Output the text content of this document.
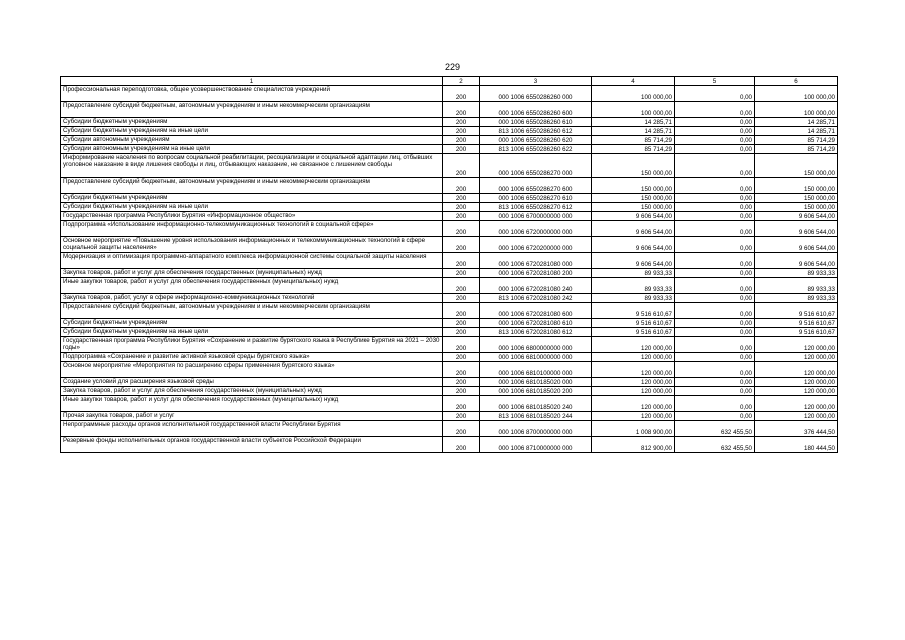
229
1	2	3	4	5	6
Профессиональная переподготовка, общее усовершенствование специалистов учреждений	200	000 1006 6550286260 000	100 000,00	0,00	100 000,00
Предоставление субсидий бюджетным, автономным учреждениям и иным некоммерческим организациям	200	000 1006 6550286260 600	100 000,00	0,00	100 000,00
Субсидии бюджетным учреждениям	200	000 1006 6550286260 610	14 285,71	0,00	14 285,71
Субсидии бюджетным учреждениям на иные цели	200	813 1006 6550286260 612	14 285,71	0,00	14 285,71
Субсидии автономным учреждениям	200	000 1006 6550286260 620	85 714,29	0,00	85 714,29
Субсидии автономным учреждениям на иные цели	200	813 1006 6550286260 622	85 714,29	0,00	85 714,29
Информирование населения по вопросам социальной реабилитации, ресоциализации и социальной адаптации лиц, отбывших уголовное наказание в виде лишения свободы и лиц, отбывающих наказание, не связанное с лишением свободы	200	000 1006 6550286270 000	150 000,00	0,00	150 000,00
Предоставление субсидий бюджетным, автономным учреждениям и иным некоммерческим организациям	200	000 1006 6550286270 600	150 000,00	0,00	150 000,00
Субсидии бюджетным учреждениям	200	000 1006 6550286270 610	150 000,00	0,00	150 000,00
Субсидии бюджетным учреждениям на иные цели	200	813 1006 6550286270 612	150 000,00	0,00	150 000,00
Государственная программа Республики Бурятия «Информационное общество»	200	000 1006 6700000000 000	9 606 544,00	0,00	9 606 544,00
Подпрограмма «Использование информационно-телекоммуникационных технологий в социальной сфере»	200	000 1006 6720000000 000	9 606 544,00	0,00	9 606 544,00
Основное мероприятие «Повышение уровня использования информационных и телекоммуникационных технологий в сфере социальной защиты населения»	200	000 1006 6720200000 000	9 606 544,00	0,00	9 606 544,00
Модернизация и оптимизация программно-аппаратного комплекса информационной системы социальной защиты населения	200	000 1006 6720281080 000	9 606 544,00	0,00	9 606 544,00
Закупка товаров, работ и услуг для обеспечения государственных (муниципальных) нужд	200	000 1006 6720281080 200	89 933,33	0,00	89 933,33
Иные закупки товаров, работ и услуг для обеспечения государственных (муниципальных) нужд	200	000 1006 6720281080 240	89 933,33	0,00	89 933,33
Закупка товаров, работ, услуг в сфере информационно-коммуникационных технологий	200	813 1006 6720281080 242	89 933,33	0,00	89 933,33
Предоставление субсидий бюджетным, автономным учреждениям и иным некоммерческим организациям	200	000 1006 6720281080 600	9 516 610,67	0,00	9 516 610,67
Субсидии бюджетным учреждениям	200	000 1006 6720281080 610	9 516 610,67	0,00	9 516 610,67
Субсидии бюджетным учреждениям на иные цели	200	813 1006 6720281080 612	9 516 610,67	0,00	9 516 610,67
Государственная программа Республики Бурятия «Сохранение и развитие бурятского языка в Республике Бурятия на 2021 – 2030 годы»	200	000 1006 6800000000 000	120 000,00	0,00	120 000,00
Подпрограмма «Сохранение и развитие активной языковой среды бурятского языка»	200	000 1006 6810000000 000	120 000,00	0,00	120 000,00
Основное мероприятие «Мероприятия по расширению сферы применения бурятского языка»	200	000 1006 6810100000 000	120 000,00	0,00	120 000,00
Создание условий для расширения языковой среды	200	000 1006 6810185020 000	120 000,00	0,00	120 000,00
Закупка товаров, работ и услуг для обеспечения государственных (муниципальных) нужд	200	000 1006 6810185020 200	120 000,00	0,00	120 000,00
Иные закупки товаров, работ и услуг для обеспечения государственных (муниципальных) нужд	200	000 1006 6810185020 240	120 000,00	0,00	120 000,00
Прочая закупка товаров, работ и услуг	200	813 1006 6810185020 244	120 000,00	0,00	120 000,00
Непрограммные расходы органов исполнительной государственной власти Республики Бурятия	200	000 1006 8700000000 000	1 008 900,00	632 455,50	376 444,50
Резервные фонды исполнительных органов государственной власти субъектов Российской Федерации	200	000 1006 8710000000 000	812 900,00	632 455,50	180 444,50
